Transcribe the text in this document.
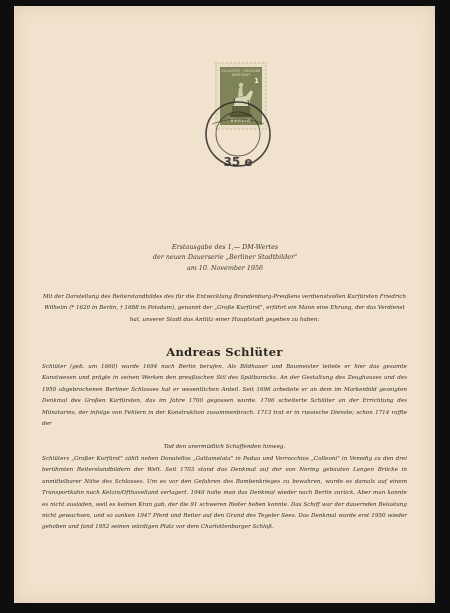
SCHLÜTER · GROSSER KURFÜRST
1
BERLIN
35 e
Erstausgabe des 1,— DM-Wertes
der neuen Dauerserie „Berliner Stadtbilder"
am 10. November 1956
Mit der Darstellung des Reiterstandbildes des für die Entwicklung Brandenburg-Preußens verdienstvollen Kurfürsten Friedrich Wilhelm (* 1620 in Berlin, † 1688 in Potsdam), genannt der „Große Kurfürst", erfährt ein Mann eine Ehrung, der das Verdienst hat, unserer Stadt das Antlitz einer Hauptstadt gegeben zu haben:
Andreas Schlüter
Schlüter (geb. um 1660) wurde 1694 nach Berlin berufen. Als Bildhauer und Baumeister leitete er hier das gesamte Kunstwesen und prägte in seinen Werken den preußischen Stil des Spätbarocks. An der Gestaltung des Zeughauses und des 1950 abgebrochenen Berliner Schlosses hat er wesentlichen Anteil. Seit 1696 arbeitete er an dem im Markenbild gezeigten Denkmal des Großen Kurfürsten, das im Jahre 1700 gegossen wurde. 1706 scheiterte Schlüter an der Errichtung des Münzturms, der infolge von Fehlern in der Konstruktion zusammenbrach. 1713 trat er in russische Dienste; schon 1714 raffte der
Tod den unermüdlich Schaffenden hinweg.
Schlüters „Großer Kurfürst" zählt neben Donatellos „Gattamelata" in Padua und Verrocchios „Colleoni" in Venedig zu den drei berühmten Reiterstandbildern der Welt. Seit 1703 stand das Denkmal auf der von Nering gebauten Langen Brücke in unmittelbarer Nähe des Schlosses. Um es vor den Gefahren des Bombenkrieges zu bewahren, wurde es damals auf einem Transportkahn nach Ketzin/Ofthavelland verlagert. 1946 holte man das Denkmal wieder nach Berlin zurück. Aber man konnte es nicht ausladen, weil es keinen Kran gab, der die 91 schweren Reiter heben konnte. Das Schiff war der dauernden Belastung nicht gewachsen, und so sanken 1947 Pferd und Reiter auf den Grund des Tegeler Sees. Das Denkmal wurde erst 1950 wieder gehoben und fand 1952 seinen würdigen Platz vor dem Charlottenburger Schloß.
